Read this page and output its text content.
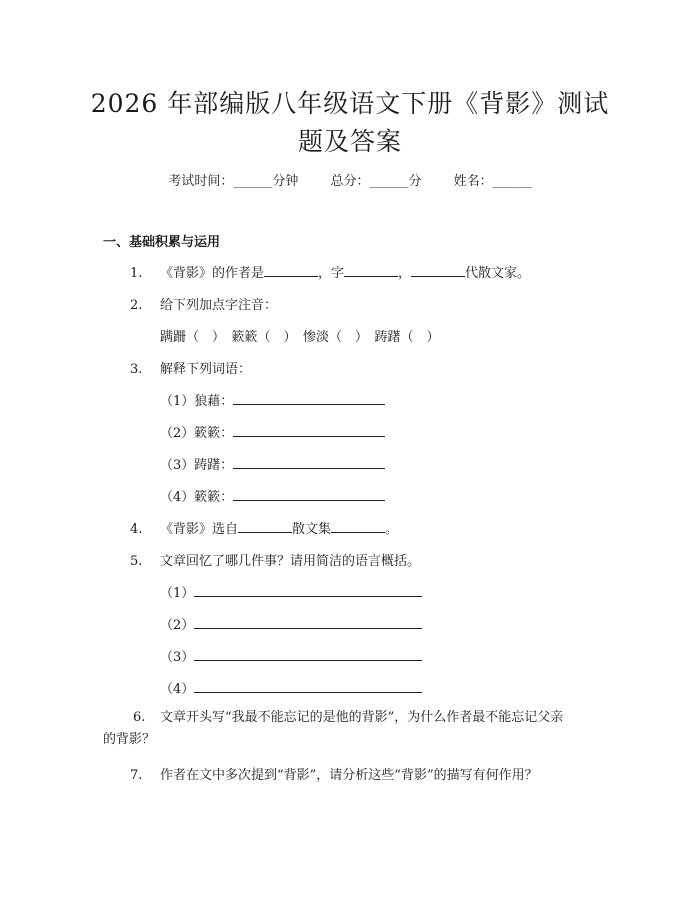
2026 年部编版八年级语文下册《背影》测试
题及答案
考试时间：______分钟 总分：______分 姓名：______
一、基础积累与运用
1. 《背影》的作者是	，字	，	代散文家。
2. 给下列加点字注音：
蹒跚（　）　簌簌（　）　惨淡（　）　踌躇（　）
3. 解释下列词语：
（1）狼藉：
（2）簌簌：
（3）踌躇：
（4）簌簌：
4. 《背影》选自	散文集	。
5. 文章回忆了哪几件事？请用简洁的语言概括。
（1）
（2）
（3）
（4）
6. 文章开头写“我最不能忘记的是他的背影”，为什么作者最不能忘记父亲
的背影？
7. 作者在文中多次提到“背影”，请分析这些“背影”的描写有何作用？
